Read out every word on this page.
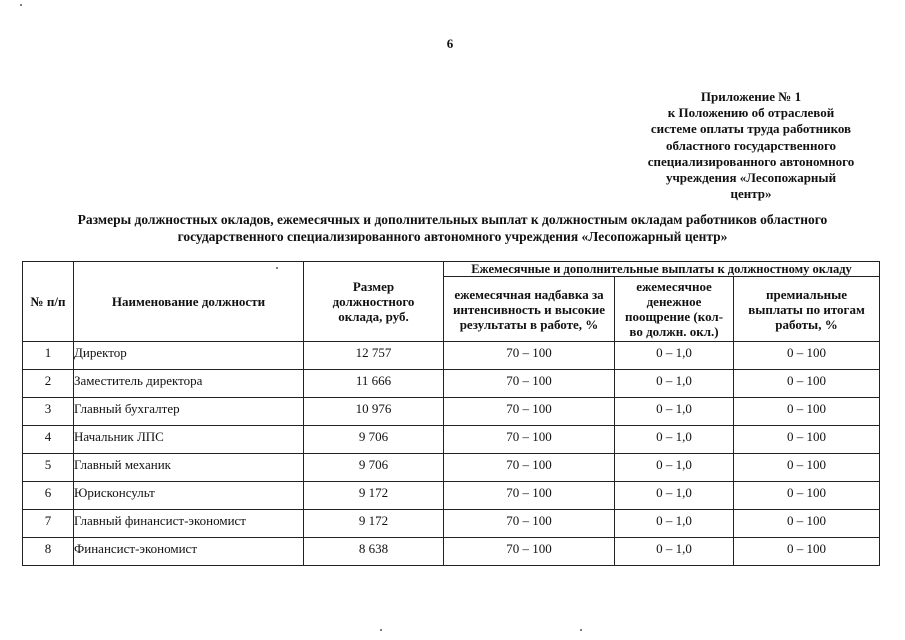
6
Приложение № 1
к Положению об отраслевой
системе оплаты труда работников
областного государственного
специализированного автономного
учреждения «Лесопожарный
центр»
Размеры должностных окладов, ежемесячных и дополнительных выплат к должностным окладам работников областного
государственного специализированного автономного учреждения «Лесопожарный центр»
№ п/п	Наименование должности	Размер должностного оклада, руб.	Ежемесячные и дополнительные выплаты к должностному окладу		
			ежемесячная надбавка за интенсивность и высокие результаты в работе, %	ежемесячное денежное поощрение (кол-во должн. окл.)	премиальные выплаты по итогам работы, %
1	Директор	12 757	70 – 100	0 – 1,0	0 – 100
2	Заместитель директора	11 666	70 – 100	0 – 1,0	0 – 100
3	Главный бухгалтер	10 976	70 – 100	0 – 1,0	0 – 100
4	Начальник ЛПС	9 706	70 – 100	0 – 1,0	0 – 100
5	Главный механик	9 706	70 – 100	0 – 1,0	0 – 100
6	Юрисконсульт	9 172	70 – 100	0 – 1,0	0 – 100
7	Главный финансист-экономист	9 172	70 – 100	0 – 1,0	0 – 100
8	Финансист-экономист	8 638	70 – 100	0 – 1,0	0 – 100
